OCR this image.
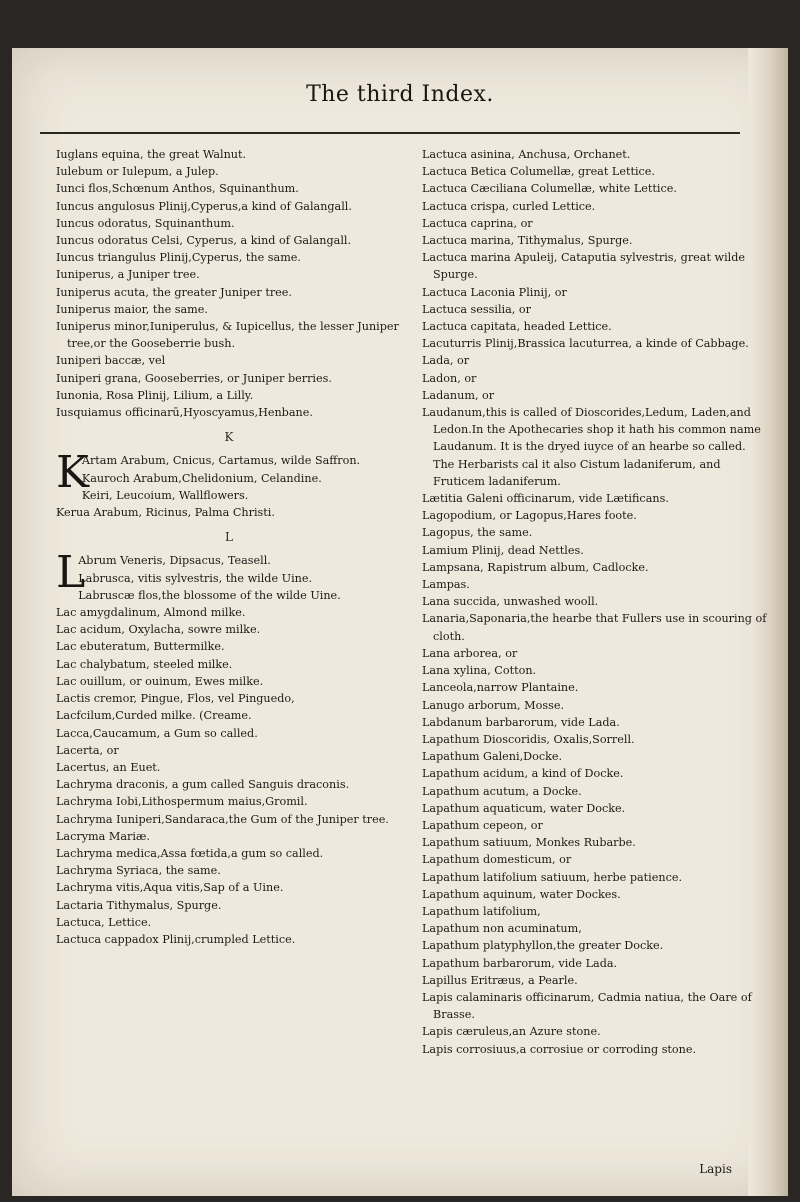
The third Index.

Iuglans equina, the great Walnut.

Iulebum or Iulepum, a Julep.

Iunci flos,Schœnum Anthos, Squinanthum.

Iuncus angulosus Plinij,Cyperus,a kind of Galangall.

Iuncus odoratus, Squinanthum.

Iuncus odoratus Celsi, Cyperus, a kind of Galangall.

Iuncus triangulus Plinij,Cyperus, the same.

Iuniperus, a Juniper tree.

Iuniperus acuta, the greater Juniper tree.

Iuniperus maior, the same.

Iuniperus minor,Iuniperulus, & Iupicellus, the lesser Juniper tree,or the Gooseberrie bush.

Iuniperi baccæ, vel

Iuniperi grana, Gooseberries, or Juniper berries.

Iunonia, Rosa Plinij, Lilium, a Lilly.

Iusquiamus officinarū,Hyoscyamus,Henbane.

K
K

Artam Arabum, Cnicus, Cartamus, wilde Saffron.

Kauroch Arabum,Chelidonium, Celandine.

Keiri, Leucoium, Wallflowers.

Kerua Arabum, Ricinus, Palma Christi.

L
L

Abrum Veneris, Dipsacus, Teasell.

Labrusca, vitis sylvestris, the wilde Uine.

Labruscæ flos,the blossome of the wilde Uine.

Lac amygdalinum, Almond milke.

Lac acidum, Oxylacha, sowre milke.

Lac ebuteratum, Buttermilke.

Lac chalybatum, steeled milke.

Lac ouillum, or ouinum, Ewes milke.

Lactis cremor, Pingue, Flos, vel Pinguedo,

Lacfcilum,Curded milke. (Creame.

Lacca,Caucamum, a Gum so called.

Lacerta, or

Lacertus, an Euet.

Lachryma draconis, a gum called Sanguis draconis.

Lachryma Iobi,Lithospermum maius,Gromil.

Lachryma Iuniperi,Sandaraca,the Gum of the Juniper tree.

Lacryma Mariæ.

Lachryma medica,Assa fœtida,a gum so called.

Lachryma Syriaca, the same.

Lachryma vitis,Aqua vitis,Sap of a Uine.

Lactaria Tithymalus, Spurge.

Lactuca, Lettice.

Lactuca cappadox Plinij,crumpled Lettice.

Lactuca asinina, Anchusa, Orchanet.

Lactuca Betica Columellæ, great Lettice.

Lactuca Cæciliana Columellæ, white Lettice.

Lactuca crispa, curled Lettice.

Lactuca caprina, or

Lactuca marina, Tithymalus, Spurge.

Lactuca marina Apuleij, Cataputia sylvestris, great wilde Spurge.

Lactuca Laconia Plinij, or

Lactuca sessilia, or

Lactuca capitata, headed Lettice.

Lacuturris Plinij,Brassica lacuturrea, a kinde of Cabbage.

Lada, or

Ladon, or

Ladanum, or

Laudanum,this is called of Dioscorides,Ledum, Laden,and Ledon.In the Apothecaries shop it hath his common name Laudanum. It is the dryed iuyce of an hearbe so called. The Herbarists cal it also Cistum ladaniferum, and Fruticem ladaniferum.

Lætitia Galeni officinarum, vide Lætificans.

Lagopodium, or Lagopus,Hares foote.

Lagopus, the same.

Lamium Plinij, dead Nettles.

Lampsana, Rapistrum album, Cadlocke.

Lampas.

Lana succida, unwashed wooll.

Lanaria,Saponaria,the hearbe that Fullers use in scouring of cloth.

Lana arborea, or

Lana xylina, Cotton.

Lanceola,narrow Plantaine.

Lanugo arborum, Mosse.

Labdanum barbarorum, vide Lada.

Lapathum Dioscoridis, Oxalis,Sorrell.

Lapathum Galeni,Docke.

Lapathum acidum, a kind of Docke.

Lapathum acutum, a Docke.

Lapathum aquaticum, water Docke.

Lapathum cepeon, or

Lapathum satiuum, Monkes Rubarbe.

Lapathum domesticum, or

Lapathum latifolium satiuum, herbe patience.

Lapathum aquinum, water Dockes.

Lapathum latifolium,

Lapathum non acuminatum,

Lapathum platyphyllon,the greater Docke.

Lapathum barbarorum, vide Lada.

Lapillus Eritræus, a Pearle.

Lapis calaminaris officinarum, Cadmia natiua, the Oare of Brasse.

Lapis cæruleus,an Azure stone.

Lapis corrosiuus,a corrosiue or corroding stone.

Lapis
